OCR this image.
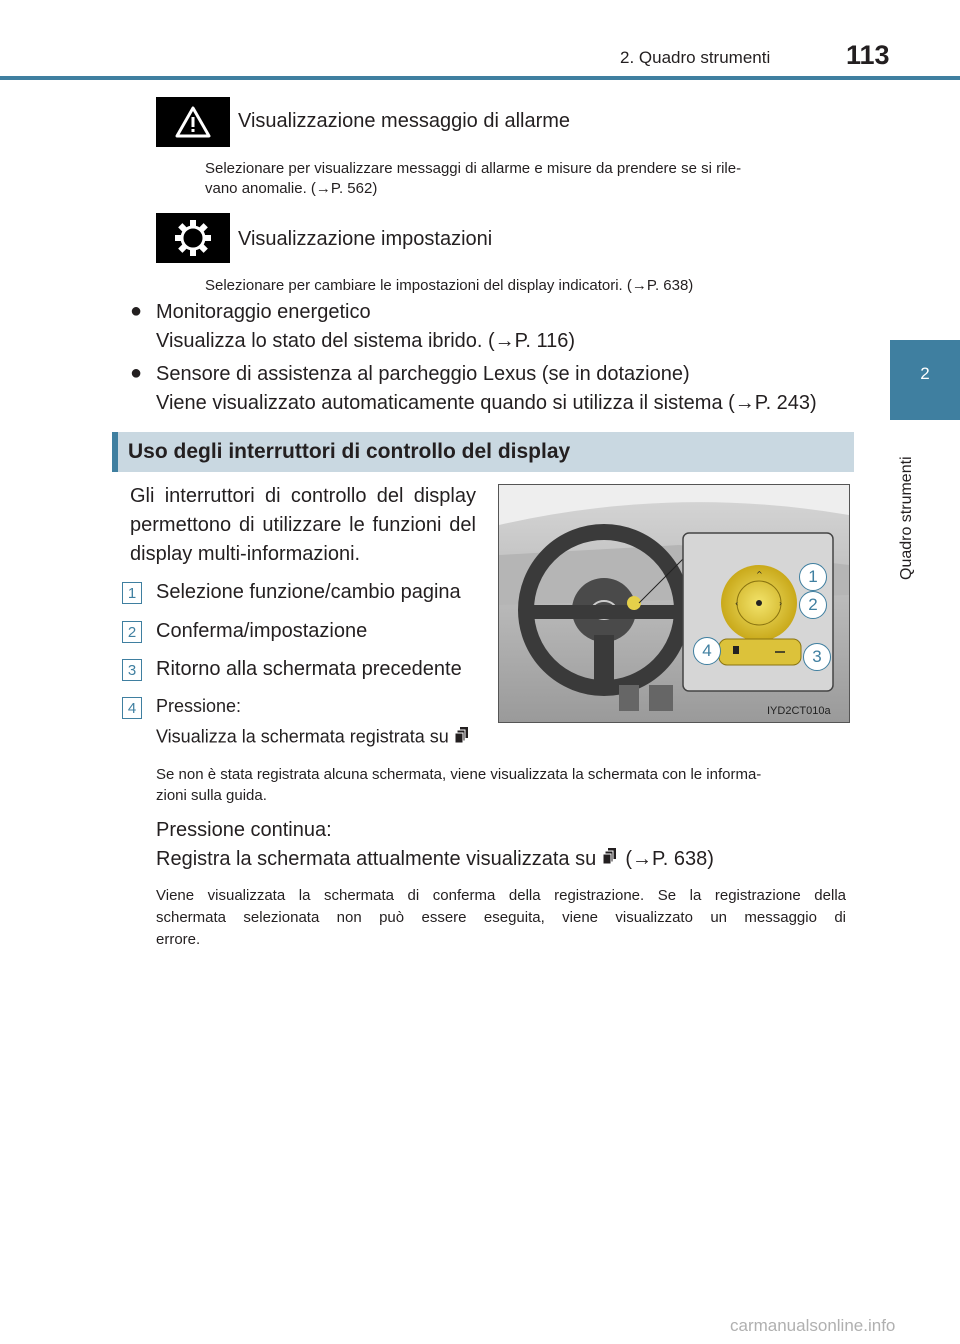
2. Quadro strumenti	113
2
Quadro strumenti
Visualizzazione messaggio di allarme
Selezionare per visualizzare messaggi di allarme e misure da prendere se si rile-
vano anomalie. (→P. 562)
Visualizzazione impostazioni
Selezionare per cambiare le impostazioni del display indicatori. (→P. 638)
● Monitoraggio energetico
Visualizza lo stato del sistema ibrido. (→P. 116)
● Sensore di assistenza al parcheggio Lexus (se in dotazione)
Viene visualizzato automaticamente quando si utilizza il sistema (→P. 243)
Uso degli interruttori di controllo del display
Gli interruttori di controllo del display
permettono di utilizzare le funzioni del
display multi-informazioni.
1 Selezione funzione/cambio pagina
2 Conferma/impostazione
3 Ritorno alla schermata precedente
4	Pressione:
Visualizza la schermata registrata su
Se non è stata registrata alcuna schermata, viene visualizzata la schermata con le informa-
zioni sulla guida.
Pressione continua:
Registra la schermata attualmente visualizzata su (→P. 638)
Viene visualizzata la schermata di conferma della registrazione. Se la registrazione della
schermata selezionata non può essere eseguita, viene visualizzato un messaggio di
errore.
^
‹	›
1
2
3
4
IYD2CT010a
carmanualsonline.info
